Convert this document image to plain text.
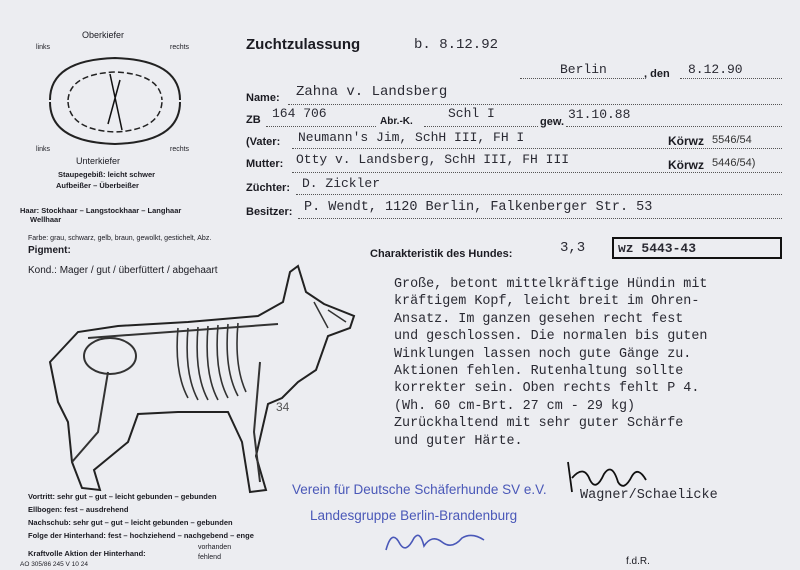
Oberkiefer
links	rechts
links	rechts
Unterkiefer
Staupegebiß: leicht schwer
Aufbeißer – Überbeißer
Haar: Stockhaar – Langstockhaar – Langhaar
Wellhaar
Farbe: grau, schwarz, gelb, braun, gewolkt, gestichelt, Abz.
Pigment:
Kond.: Mager / gut / überfüttert / abgehaart
34
Zuchtzulassung	b. 8.12.92
Berlin	, den 8.12.90
Name: Zahna v. Landsberg
ZB 164 706
Abr.-K.
Schl I
gew. 31.10.88
(Vater: Neumann's Jim, SchH III, FH I	Körwz 5546/54
Mutter: Otty v. Landsberg, SchH III, FH III	Körwz 5446/54)
Züchter: D. Zickler
Besitzer: P. Wendt, 1120 Berlin, Falkenberger Str. 53
Charakteristik des Hundes:	3,3	wz 5443-43
Große, betont mittelkräftige Hündin mit
kräftigem Kopf, leicht breit im Ohren-
Ansatz. Im ganzen gesehen recht fest
und geschlossen. Die normalen bis guten
Winklungen lassen noch gute Gänge zu.
Aktionen fehlen. Rutenhaltung sollte
korrekter sein. Oben rechts fehlt P 4.
(Wh. 60 cm-Brt. 27 cm - 29 kg)
Zurückhaltend mit sehr guter Schärfe
und guter Härte.
Vortritt: sehr gut – gut – leicht gebunden – gebunden
Ellbogen: fest – ausdrehend
Nachschub: sehr gut – gut – leicht gebunden – gebunden
Folge der Hinterhand: fest – hochziehend – nachgebend – enge
Kraftvolle Aktion der Hinterhand:
vorhanden
fehlend
AO 305/86 245 V 10 24
Verein für Deutsche Schäferhunde SV e.V.
Landesgruppe Berlin-Brandenburg
Wagner/Schaelicke
f.d.R.
